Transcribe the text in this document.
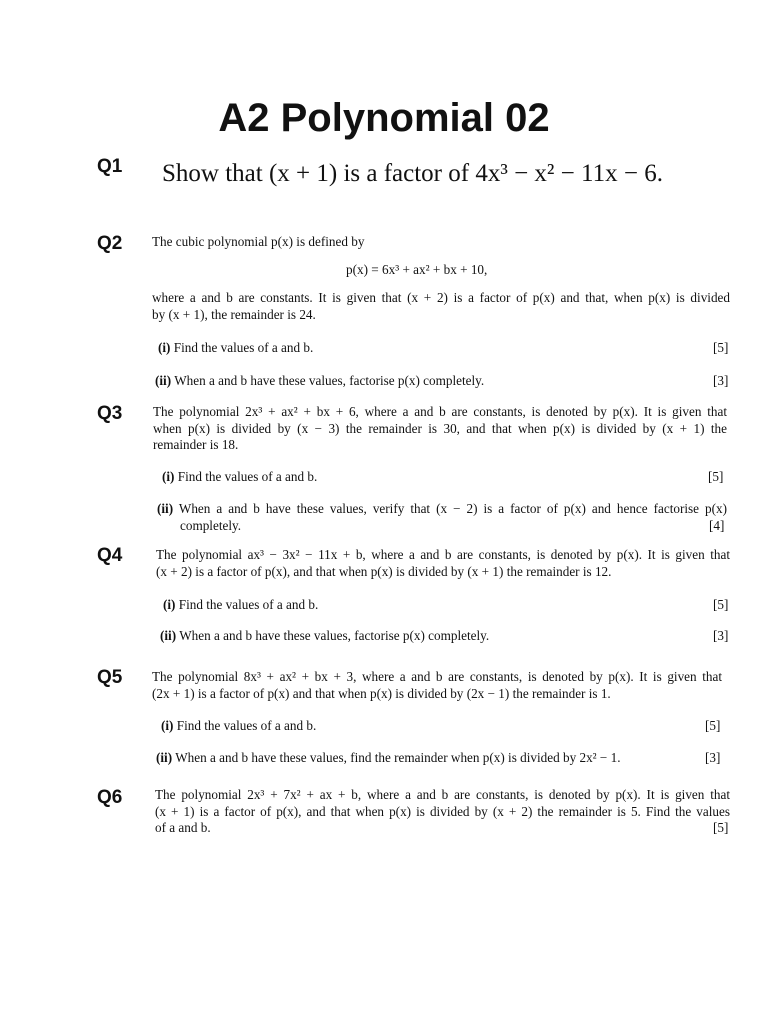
A2 Polynomial 02
Q1 Show that (x + 1) is a factor of 4x³ − x² − 11x − 6.
Q2 The cubic polynomial p(x) is defined by
p(x) = 6x³ + ax² + bx + 10,
where a and b are constants. It is given that (x + 2) is a factor of p(x) and that, when p(x) is divided
by (x + 1), the remainder is 24.
(i) Find the values of a and b.	[5]
(ii) When a and b have these values, factorise p(x) completely.	[3]
Q3 The polynomial 2x³ + ax² + bx + 6, where a and b are constants, is denoted by p(x). It is given that
when p(x) is divided by (x − 3) the remainder is 30, and that when p(x) is divided by (x + 1) the
remainder is 18.
(i) Find the values of a and b.	[5]
(ii) When a and b have these values, verify that (x − 2) is a factor of p(x) and hence factorise p(x)
completely.	[4]
Q4	The polynomial ax³ − 3x² − 11x + b, where a and b are constants, is denoted by p(x). It is given that
(x + 2) is a factor of p(x), and that when p(x) is divided by (x + 1) the remainder is 12.
(i) Find the values of a and b.	[5]
(ii) When a and b have these values, factorise p(x) completely.	[3]
Q5 The polynomial 8x³ + ax² + bx + 3, where a and b are constants, is denoted by p(x). It is given that
(2x + 1) is a factor of p(x) and that when p(x) is divided by (2x − 1) the remainder is 1.
(i) Find the values of a and b.	[5]
(ii) When a and b have these values, find the remainder when p(x) is divided by 2x² − 1.	[3]
Q6 The polynomial 2x³ + 7x² + ax + b, where a and b are constants, is denoted by p(x). It is given that
(x + 1) is a factor of p(x), and that when p(x) is divided by (x + 2) the remainder is 5. Find the values
of a and b.	[5]
